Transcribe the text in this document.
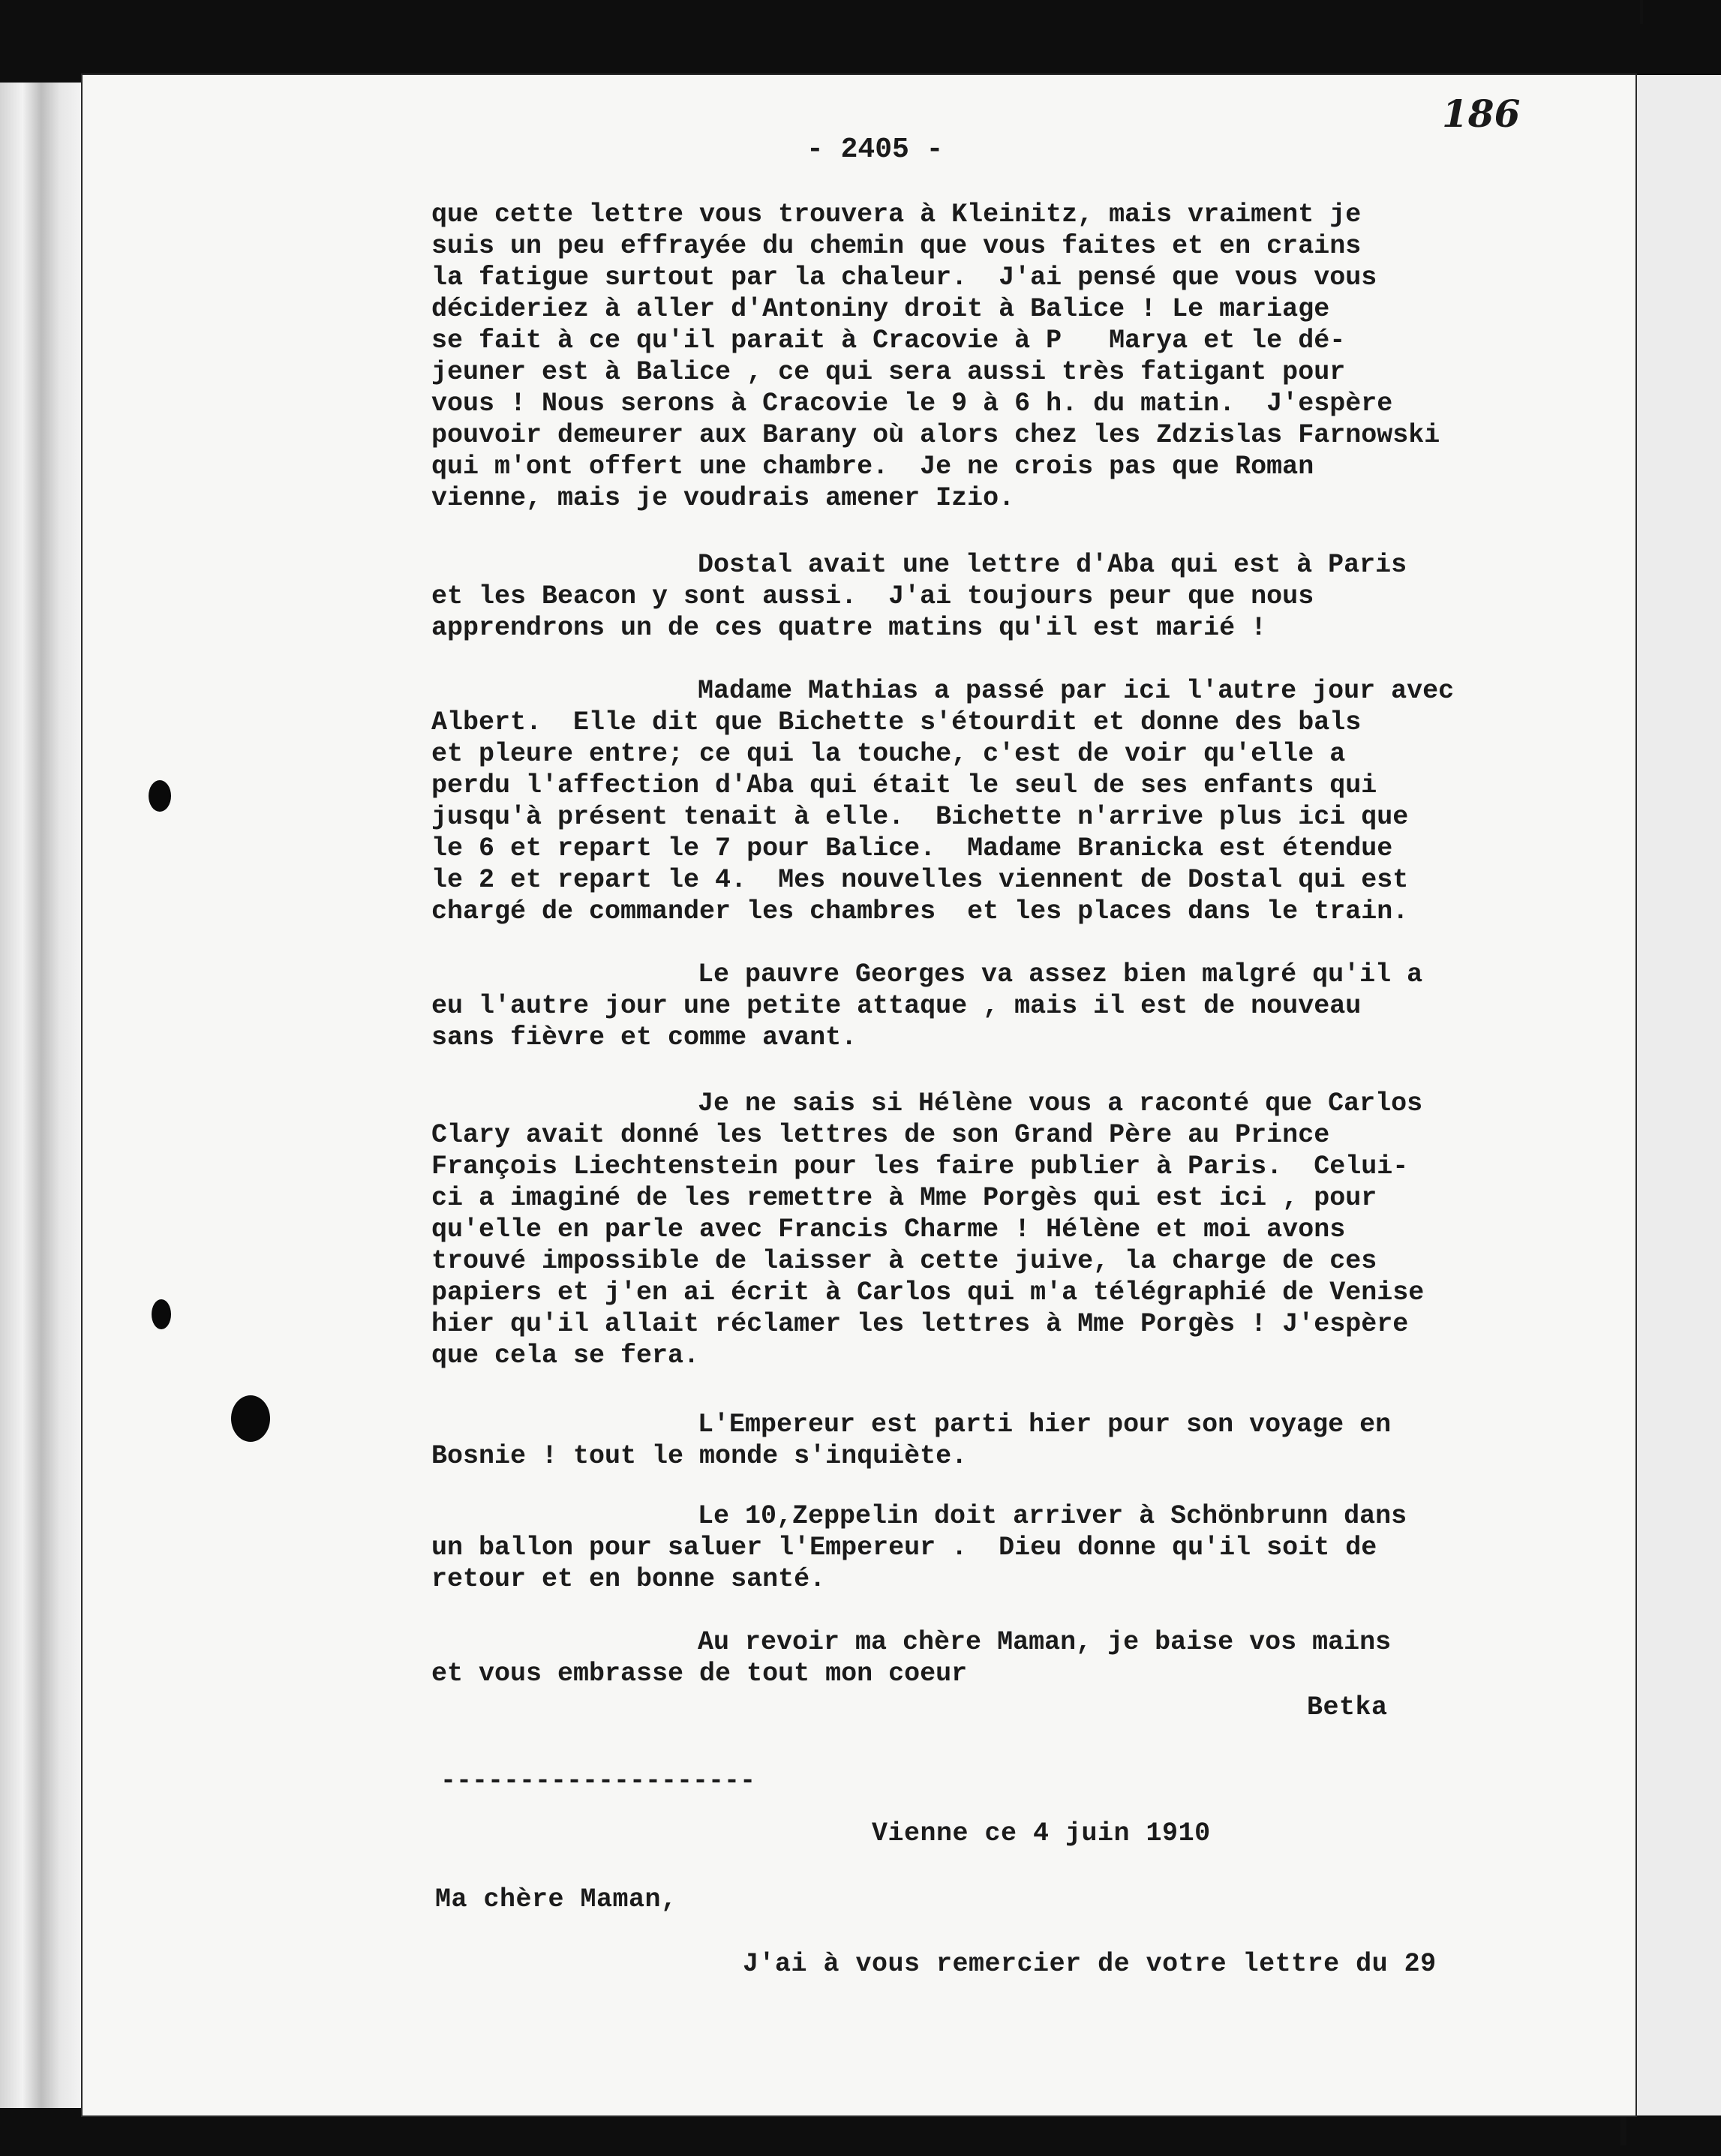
186
- 2405 -
que cette lettre vous trouvera à Kleinitz, mais vraiment je
suis un peu effrayée du chemin que vous faites et en crains
la fatigue surtout par la chaleur.  J'ai pensé que vous vous
décideriez à aller d'Antoniny droit à Balice ! Le mariage
se fait à ce qu'il parait à Cracovie à P   Marya et le dé-
jeuner est à Balice , ce qui sera aussi très fatigant pour
vous ! Nous serons à Cracovie le 9 à 6 h. du matin.  J'espère
pouvoir demeurer aux Barany où alors chez les Zdzislas Farnowski
qui m'ont offert une chambre.  Je ne crois pas que Roman
vienne, mais je voudrais amener Izio.
Dostal avait une lettre d'Aba qui est à Paris
et les Beacon y sont aussi.  J'ai toujours peur que nous
apprendrons un de ces quatre matins qu'il est marié !
Madame Mathias a passé par ici l'autre jour avec
Albert.  Elle dit que Bichette s'étourdit et donne des bals
et pleure entre; ce qui la touche, c'est de voir qu'elle a
perdu l'affection d'Aba qui était le seul de ses enfants qui
jusqu'à présent tenait à elle.  Bichette n'arrive plus ici que
le 6 et repart le 7 pour Balice.  Madame Branicka est étendue
le 2 et repart le 4.  Mes nouvelles viennent de Dostal qui est
chargé de commander les chambres  et les places dans le train.
Le pauvre Georges va assez bien malgré qu'il a
eu l'autre jour une petite attaque , mais il est de nouveau
sans fièvre et comme avant.
Je ne sais si Hélène vous a raconté que Carlos
Clary avait donné les lettres de son Grand Père au Prince
François Liechtenstein pour les faire publier à Paris.  Celui-
ci a imaginé de les remettre à Mme Porgès qui est ici , pour
qu'elle en parle avec Francis Charme ! Hélène et moi avons
trouvé impossible de laisser à cette juive, la charge de ces
papiers et j'en ai écrit à Carlos qui m'a télégraphié de Venise
hier qu'il allait réclamer les lettres à Mme Porgès ! J'espère
que cela se fera.
L'Empereur est parti hier pour son voyage en
Bosnie ! tout le monde s'inquiète.
Le 10,Zeppelin doit arriver à Schönbrunn dans
un ballon pour saluer l'Empereur .  Dieu donne qu'il soit de
retour et en bonne santé.
Au revoir ma chère Maman, je baise vos mains
et vous embrasse de tout mon coeur
Betka
--------------------
Vienne ce 4 juin 1910
Ma chère Maman,
J'ai à vous remercier de votre lettre du 29
